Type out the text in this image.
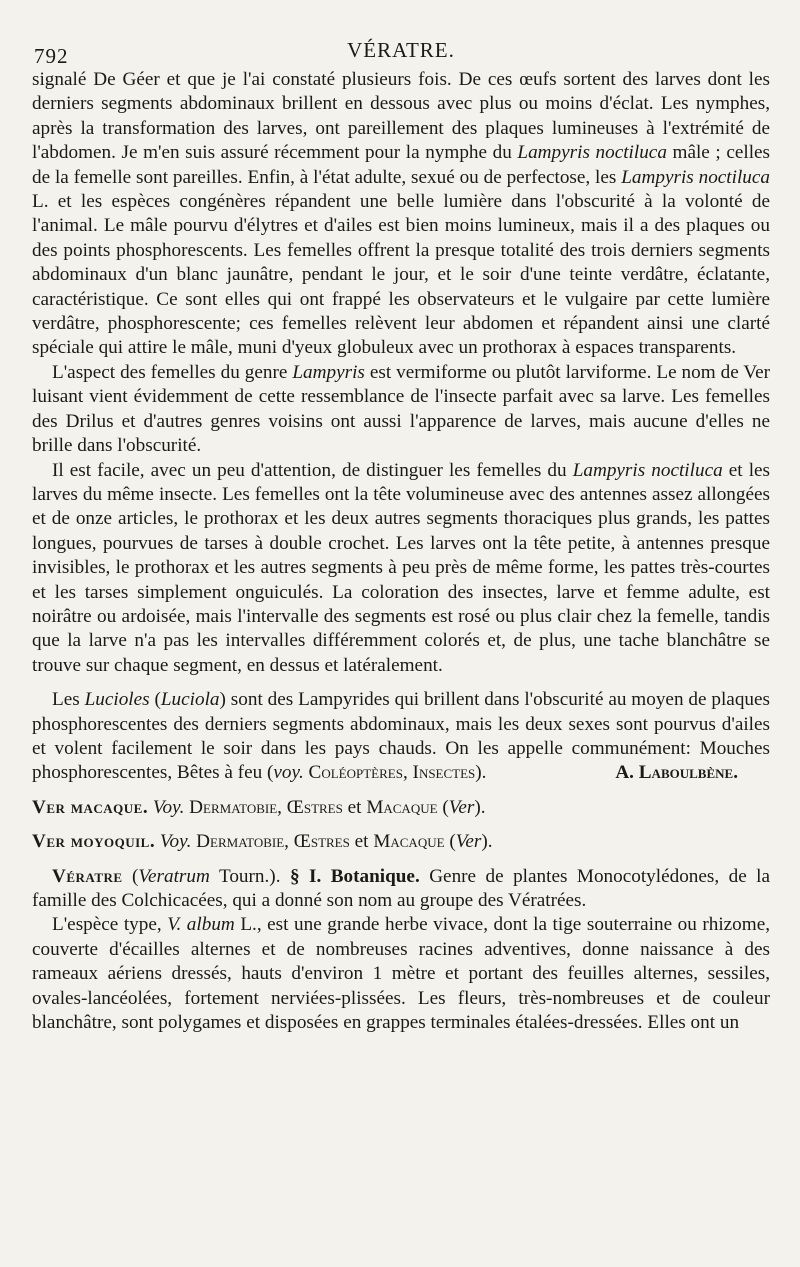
792	VÉRATRE.

signalé De Géer et que je l'ai constaté plusieurs fois. De ces œufs sortent des larves dont les derniers segments abdominaux brillent en dessous avec plus ou moins d'éclat. Les nymphes, après la transformation des larves, ont pareillement des plaques lumineuses à l'extrémité de l'abdomen. Je m'en suis assuré récemment pour la nymphe du Lampyris noctiluca mâle ; celles de la femelle sont pareilles. Enfin, à l'état adulte, sexué ou de perfectose, les Lampyris noctiluca L. et les espèces congénères répandent une belle lumière dans l'obscurité à la volonté de l'animal. Le mâle pourvu d'élytres et d'ailes est bien moins lumineux, mais il a des plaques ou des points phosphorescents. Les femelles offrent la presque totalité des trois derniers segments abdominaux d'un blanc jaunâtre, pendant le jour, et le soir d'une teinte verdâtre, éclatante, caractéristique. Ce sont elles qui ont frappé les observateurs et le vulgaire par cette lumière verdâtre, phosphorescente; ces femelles relèvent leur abdomen et répandent ainsi une clarté spéciale qui attire le mâle, muni d'yeux globuleux avec un prothorax à espaces transparents.

L'aspect des femelles du genre Lampyris est vermiforme ou plutôt larviforme. Le nom de Ver luisant vient évidemment de cette ressemblance de l'insecte parfait avec sa larve. Les femelles des Drilus et d'autres genres voisins ont aussi l'apparence de larves, mais aucune d'elles ne brille dans l'obscurité.

Il est facile, avec un peu d'attention, de distinguer les femelles du Lampyris noctiluca et les larves du même insecte. Les femelles ont la tête volumineuse avec des antennes assez allongées et de onze articles, le prothorax et les deux autres segments thoraciques plus grands, les pattes longues, pourvues de tarses à double crochet. Les larves ont la tête petite, à antennes presque invisibles, le prothorax et les autres segments à peu près de même forme, les pattes très-courtes et les tarses simplement onguiculés. La coloration des insectes, larve et femme adulte, est noirâtre ou ardoisée, mais l'intervalle des segments est rosé ou plus clair chez la femelle, tandis que la larve n'a pas les intervalles différemment colorés et, de plus, une tache blanchâtre se trouve sur chaque segment, en dessus et latéralement.

Les Lucioles (Luciola) sont des Lampyrides qui brillent dans l'obscurité au moyen de plaques phosphorescentes des derniers segments abdominaux, mais les deux sexes sont pourvus d'ailes et volent facilement le soir dans les pays chauds. On les appelle communément: Mouches phosphorescentes, Bêtes à feu (voy. Coléoptères, Insectes).	A. Laboulbène.

Ver macaque. Voy. Dermatobie, Œstres et Macaque (Ver).

Ver moyoquil. Voy. Dermatobie, Œstres et Macaque (Ver).

Vératre (Veratrum Tourn.). § I. Botanique. Genre de plantes Monocotylédones, de la famille des Colchicacées, qui a donné son nom au groupe des Vératrées.

L'espèce type, V. album L., est une grande herbe vivace, dont la tige souterraine ou rhizome, couverte d'écailles alternes et de nombreuses racines adventives, donne naissance à des rameaux aériens dressés, hauts d'environ 1 mètre et portant des feuilles alternes, sessiles, ovales-lancéolées, fortement nerviées-plissées. Les fleurs, très-nombreuses et de couleur blanchâtre, sont polygames et disposées en grappes terminales étalées-dressées. Elles ont un
